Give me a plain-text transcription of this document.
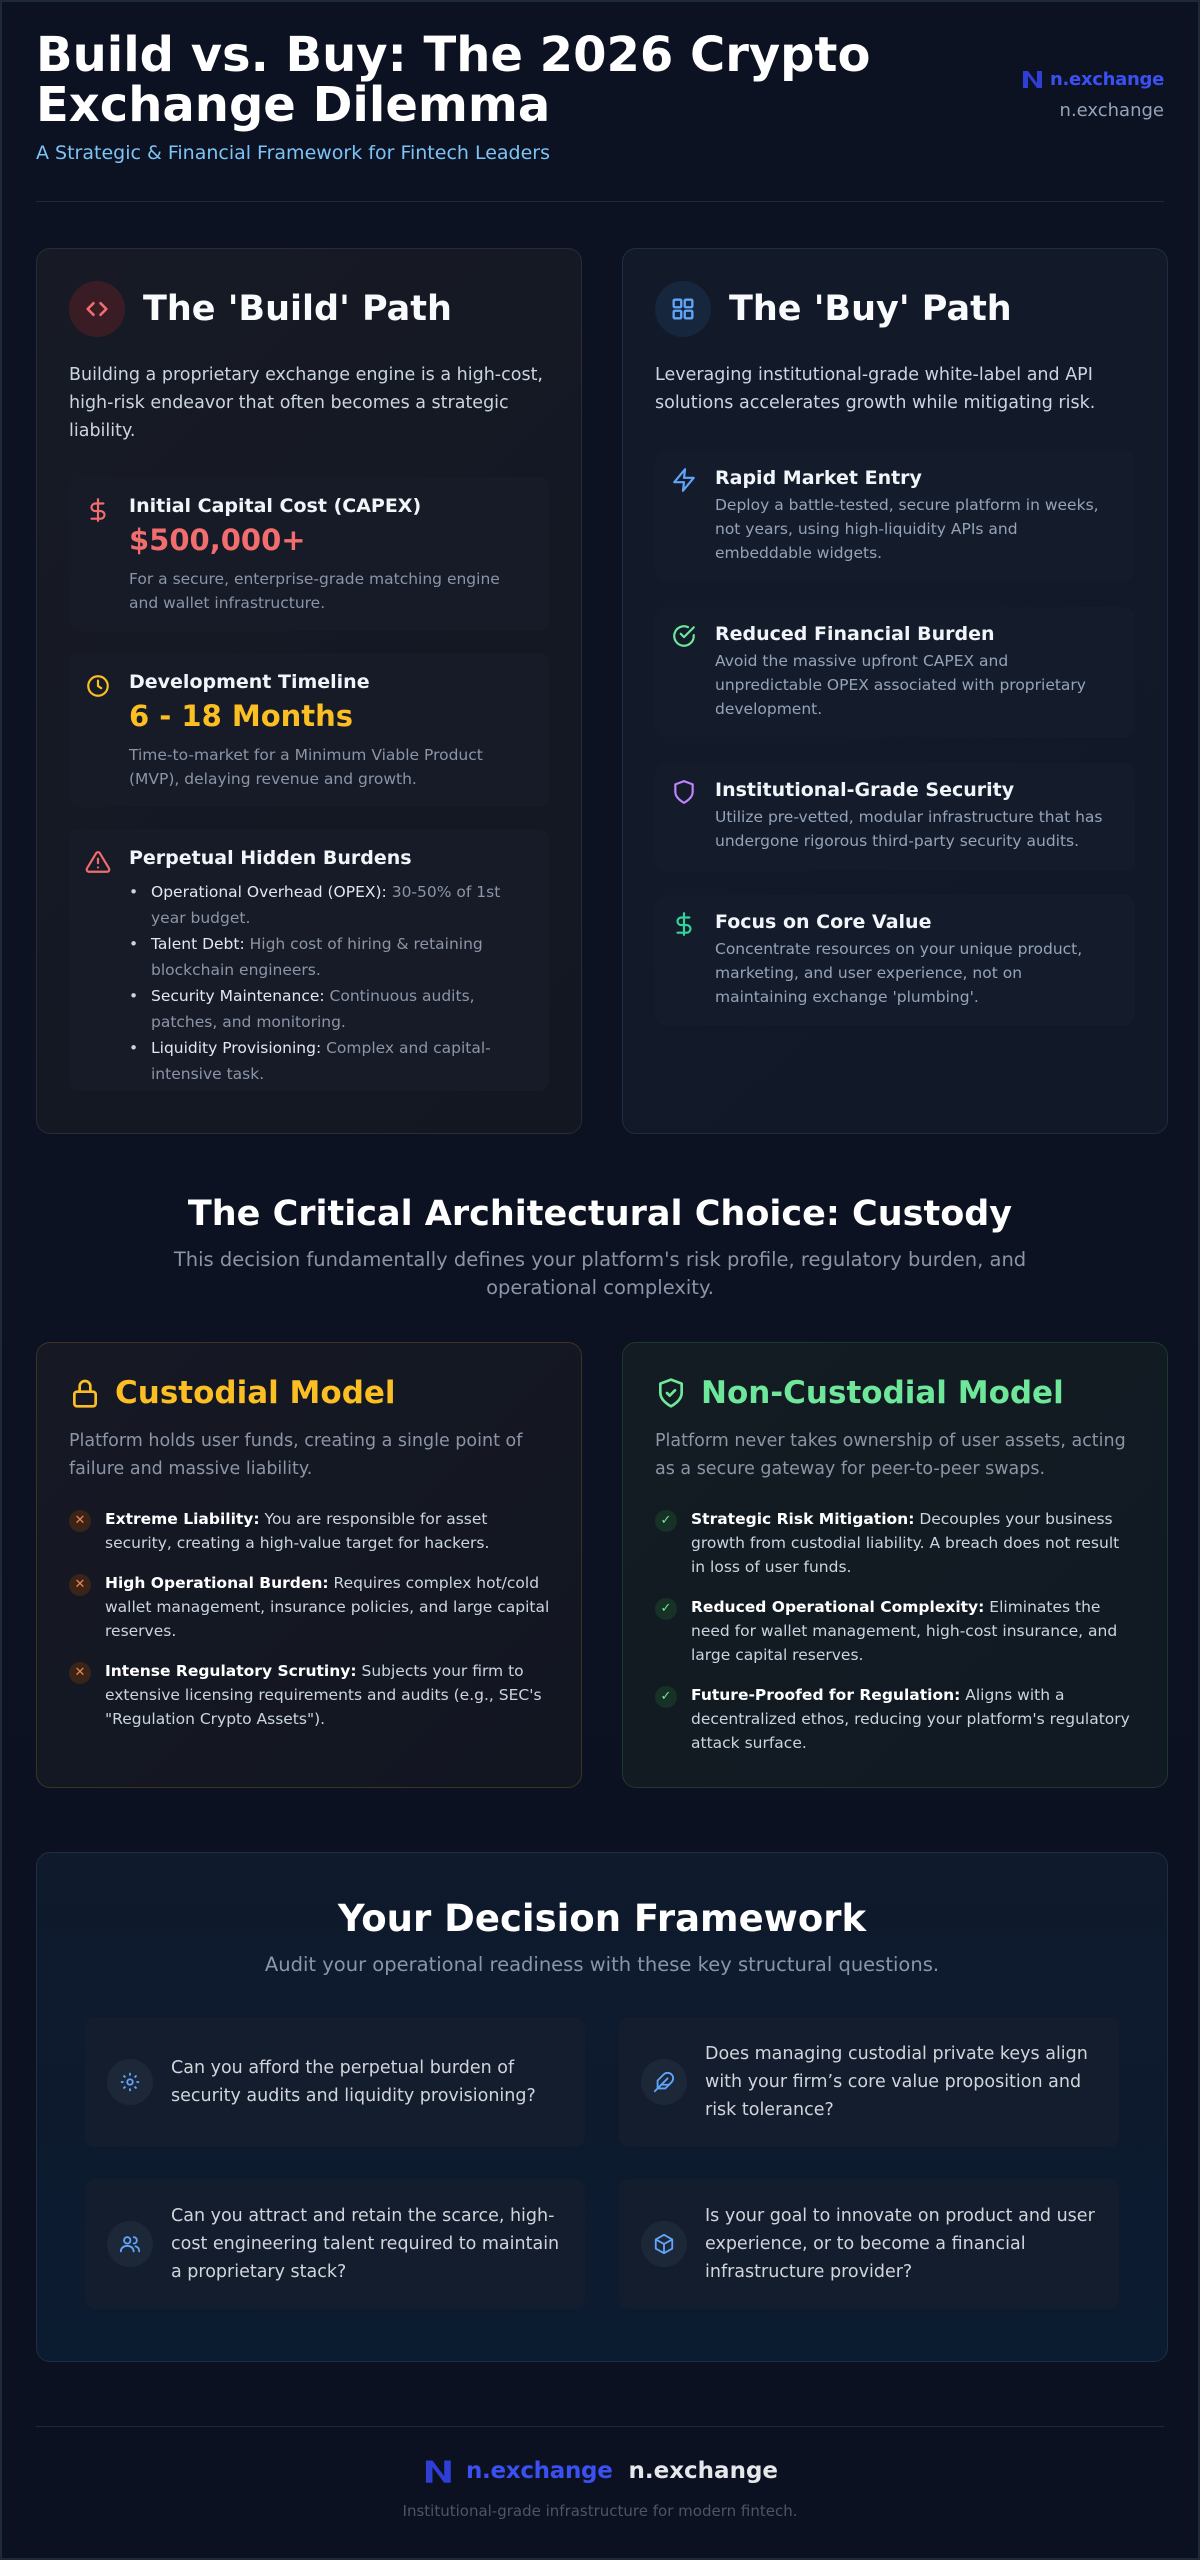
Build vs. Buy: The 2026 Crypto Exchange Dilemma
A Strategic & Financial Framework for Fintech Leaders
n.exchange
n.exchange
The 'Build' Path
Building a proprietary exchange engine is a high-cost, high-risk endeavor that often becomes a strategic liability.
Initial Capital Cost (CAPEX)
$500,000+
For a secure, enterprise-grade matching engine and wallet infrastructure.
Development Timeline
6 - 18 Months
Time-to-market for a Minimum Viable Product (MVP), delaying revenue and growth.
Perpetual Hidden Burdens
• Operational Overhead (OPEX): 30-50% of 1st year budget.
• Talent Debt: High cost of hiring & retaining blockchain engineers.
• Security Maintenance: Continuous audits, patches, and monitoring.
• Liquidity Provisioning: Complex and capital-intensive task.
The 'Buy' Path
Leveraging institutional-grade white-label and API solutions accelerates growth while mitigating risk.
Rapid Market Entry
Deploy a battle-tested, secure platform in weeks, not years, using high-liquidity APIs and embeddable widgets.
Reduced Financial Burden
Avoid the massive upfront CAPEX and unpredictable OPEX associated with proprietary development.
Institutional-Grade Security
Utilize pre-vetted, modular infrastructure that has undergone rigorous third-party security audits.
Focus on Core Value
Concentrate resources on your unique product, marketing, and user experience, not on maintaining exchange 'plumbing'.
The Critical Architectural Choice: Custody
This decision fundamentally defines your platform's risk profile, regulatory burden, and operational complexity.
Custodial Model
Platform holds user funds, creating a single point of failure and massive liability.
✕	Extreme Liability: You are responsible for asset security, creating a high-value target for hackers.
✕	High Operational Burden: Requires complex hot/cold wallet management, insurance policies, and large capital reserves.
✕	Intense Regulatory Scrutiny: Subjects your firm to extensive licensing requirements and audits (e.g., SEC's "Regulation Crypto Assets").
Non-Custodial Model
Platform never takes ownership of user assets, acting as a secure gateway for peer-to-peer swaps.
✓	Strategic Risk Mitigation: Decouples your business growth from custodial liability. A breach does not result in loss of user funds.
✓	Reduced Operational Complexity: Eliminates the need for wallet management, high-cost insurance, and large capital reserves.
✓	Future-Proofed for Regulation: Aligns with a decentralized ethos, reducing your platform's regulatory attack surface.
Your Decision Framework
Audit your operational readiness with these key structural questions.
Can you afford the perpetual burden of security audits and liquidity provisioning?
Does managing custodial private keys align with your firm’s core value proposition and risk tolerance?
Can you attract and retain the scarce, high-cost engineering talent required to maintain a proprietary stack?
Is your goal to innovate on product and user experience, or to become a financial infrastructure provider?
n.exchange n.exchange
Institutional-grade infrastructure for modern fintech.
